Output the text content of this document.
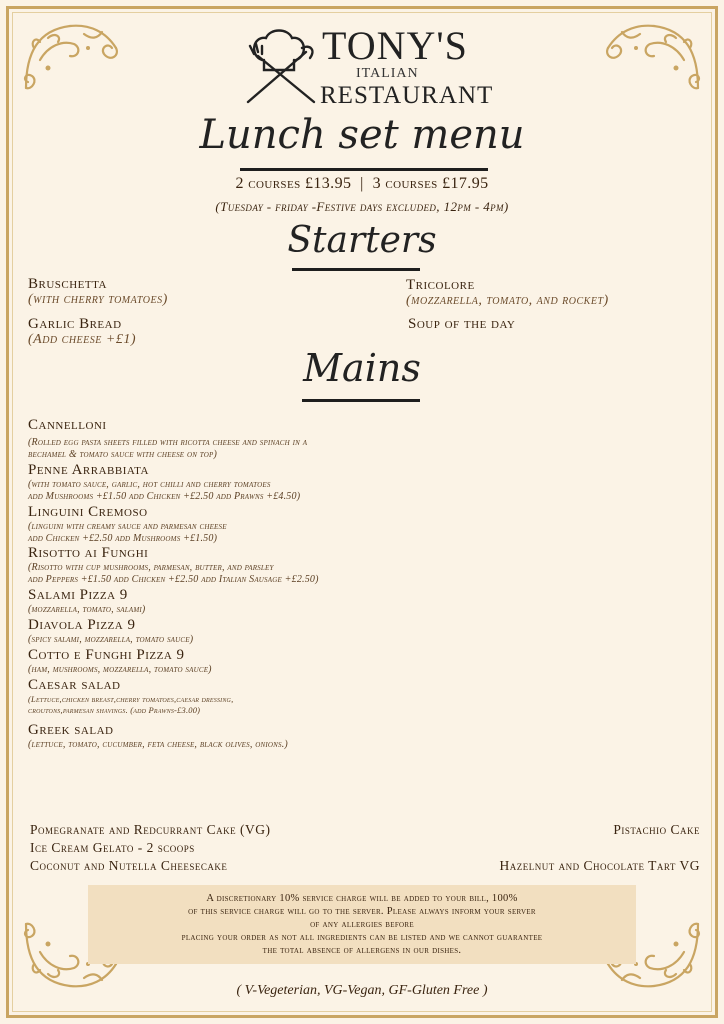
TONY'S
ITALIAN
RESTAURANT
Lunch set menu
2 courses £13.95  |  3 courses £17.95
(Tuesday - friday -Festive days excluded, 12pm - 4pm)
Starters
Bruschetta
(with cherry tomatoes)
Garlic Bread
(Add cheese +£1)
Tricolore
(mozzarella, tomato, and rocket)
Soup of the day
Mains
Cannelloni
(Rolled egg pasta sheets filled with ricotta cheese and spinach in a
bechamel & tomato sauce with cheese on top)
Penne Arrabbiata
(with tomato sauce, garlic, hot chilli and cherry tomatoes
add Mushrooms +£1.50 add Chicken +£2.50 add Prawns +£4.50)
Linguini Cremoso
(linguini with creamy sauce and parmesan cheese
add Chicken +£2.50 add Mushrooms +£1.50)
Risotto ai Funghi
(Risotto with cup mushrooms, parmesan, butter, and parsley
add Peppers +£1.50 add Chicken +£2.50 add Italian Sausage +£2.50)
Salami Pizza 9
(mozzarella, tomato, salami)
Diavola Pizza 9
(spicy salami, mozzarella, tomato sauce)
Cotto e Funghi Pizza 9
(ham, mushrooms, mozzarella, tomato sauce)
Caesar salad
(Lettuce,chicken breast,cherry tomatoes,caesar dressing,
croutons,parmesan shavings. (add Prawns-£3.00)
Greek salad
(lettuce, tomato, cucumber, feta cheese, black olives, onions.)
Pomegranate and Redcurrant Cake (VG)
Ice Cream Gelato - 2 scoops
Coconut and Nutella Cheesecake
Pistachio Cake
Hazelnut and Chocolate Tart VG
A discretionary 10% service charge will be added to your bill, 100%
of this service charge will go to the server. Please always inform your server
of any allergies before
placing your order as not all ingredients can be listed and we cannot guarantee
the total absence of allergens in our dishes.
( V-Vegeterian, VG-Vegan, GF-Gluten Free )
